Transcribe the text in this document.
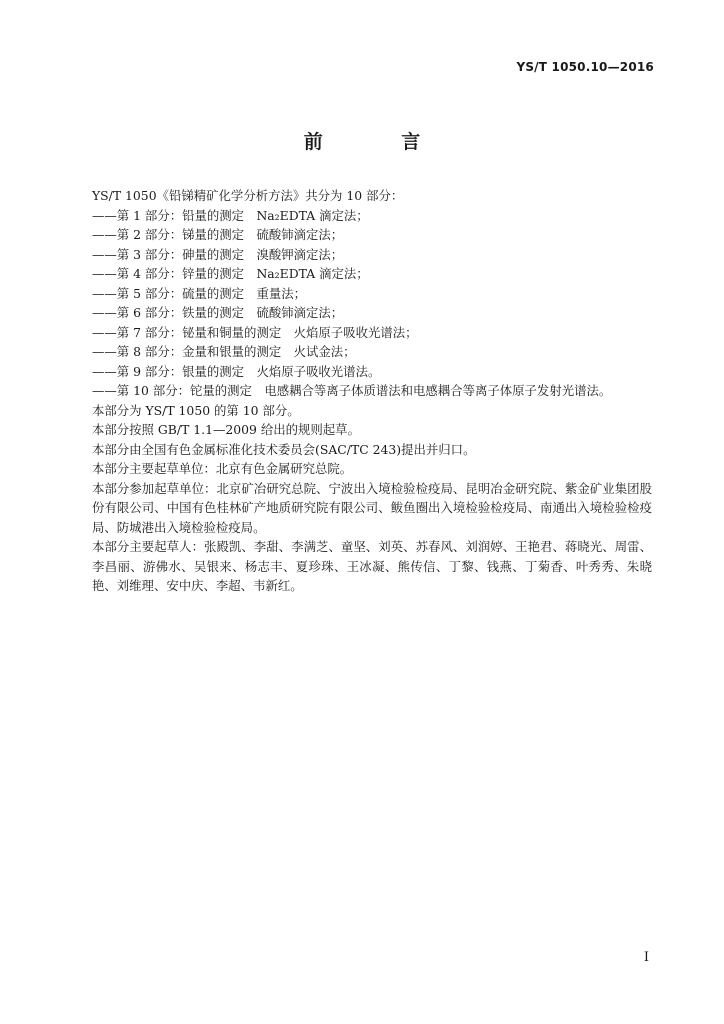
YS/T 1050.10—2016
前 言
YS/T 1050《铅锑精矿化学分析方法》共分为 10 部分：
——第 1 部分：铅量的测定　Na₂EDTA 滴定法；
——第 2 部分：锑量的测定　硫酸铈滴定法；
——第 3 部分：砷量的测定　溴酸钾滴定法；
——第 4 部分：锌量的测定　Na₂EDTA 滴定法；
——第 5 部分：硫量的测定　重量法；
——第 6 部分：铁量的测定　硫酸铈滴定法；
——第 7 部分：铋量和铜量的测定　火焰原子吸收光谱法；
——第 8 部分：金量和银量的测定　火试金法；
——第 9 部分：银量的测定　火焰原子吸收光谱法。
——第 10 部分：铊量的测定　电感耦合等离子体质谱法和电感耦合等离子体原子发射光谱法。
本部分为 YS/T 1050 的第 10 部分。
本部分按照 GB/T 1.1—2009 给出的规则起草。
本部分由全国有色金属标准化技术委员会(SAC/TC 243)提出并归口。
本部分主要起草单位：北京有色金属研究总院。
本部分参加起草单位：北京矿冶研究总院、宁波出入境检验检疫局、昆明冶金研究院、紫金矿业集团股份有限公司、中国有色桂林矿产地质研究院有限公司、鲅鱼圈出入境检验检疫局、南通出入境检验检疫局、防城港出入境检验检疫局。
本部分主要起草人：张殿凯、李甜、李满芝、童坚、刘英、苏春风、刘润婷、王艳君、蒋晓光、周雷、李昌丽、游佛水、吴银来、杨志丰、夏珍珠、王冰凝、熊传信、丁黎、钱燕、丁菊香、叶秀秀、朱晓艳、刘维理、安中庆、李超、韦新红。
I
